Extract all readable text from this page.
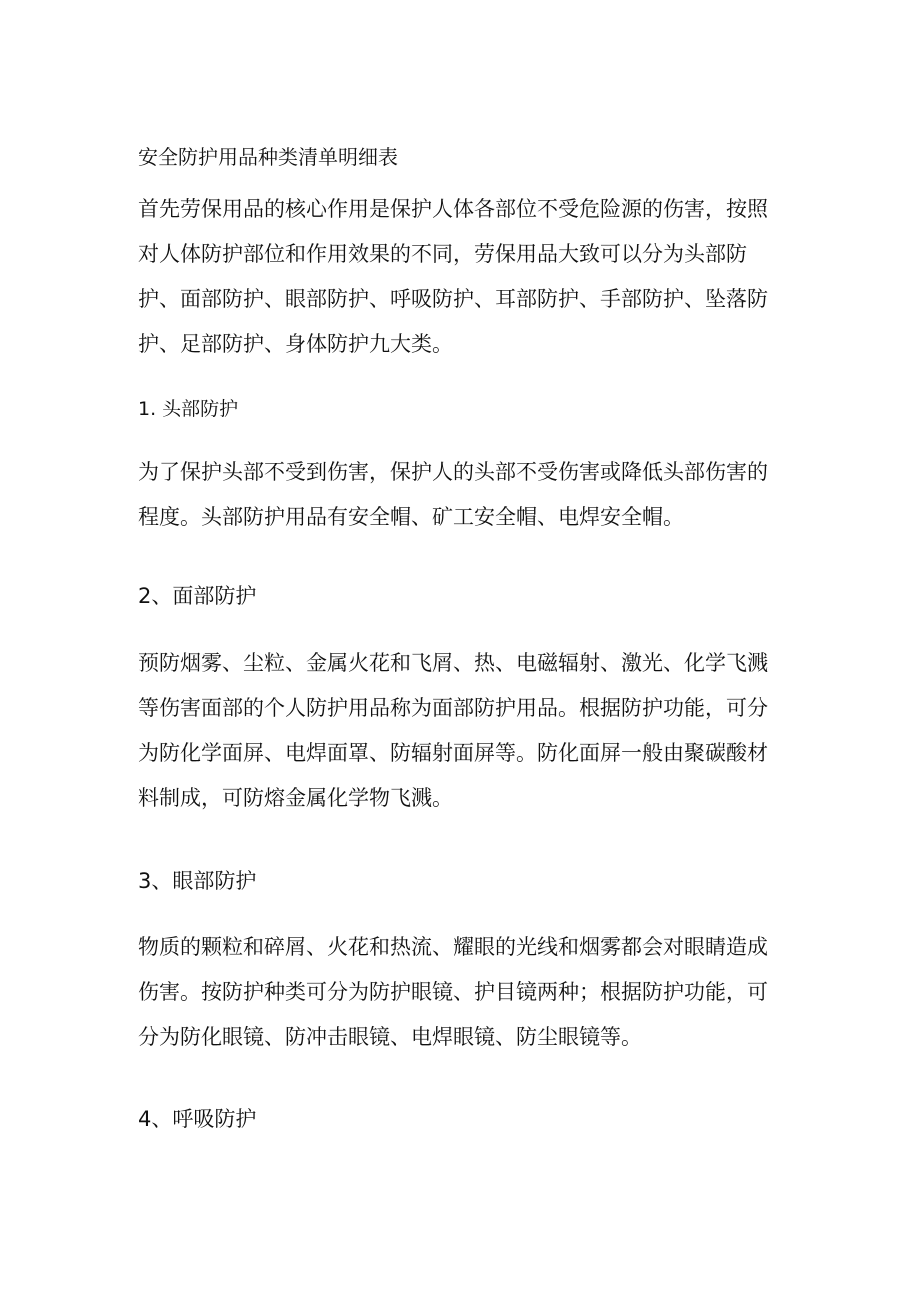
安全防护用品种类清单明细表

首先劳保用品的核心作用是保护人体各部位不受危险源的伤害，按照对人体防护部位和作用效果的不同，劳保用品大致可以分为头部防护、面部防护、眼部防护、呼吸防护、耳部防护、手部防护、坠落防护、足部防护、身体防护九大类。

1. 头部防护

为了保护头部不受到伤害，保护人的头部不受伤害或降低头部伤害的程度。头部防护用品有安全帽、矿工安全帽、电焊安全帽。

2、面部防护

预防烟雾、尘粒、金属火花和飞屑、热、电磁辐射、激光、化学飞溅等伤害面部的个人防护用品称为面部防护用品。根据防护功能，可分为防化学面屏、电焊面罩、防辐射面屏等。防化面屏一般由聚碳酸材料制成，可防熔金属化学物飞溅。

3、眼部防护

物质的颗粒和碎屑、火花和热流、耀眼的光线和烟雾都会对眼睛造成伤害。按防护种类可分为防护眼镜、护目镜两种；根据防护功能，可分为防化眼镜、防冲击眼镜、电焊眼镜、防尘眼镜等。

4、呼吸防护
